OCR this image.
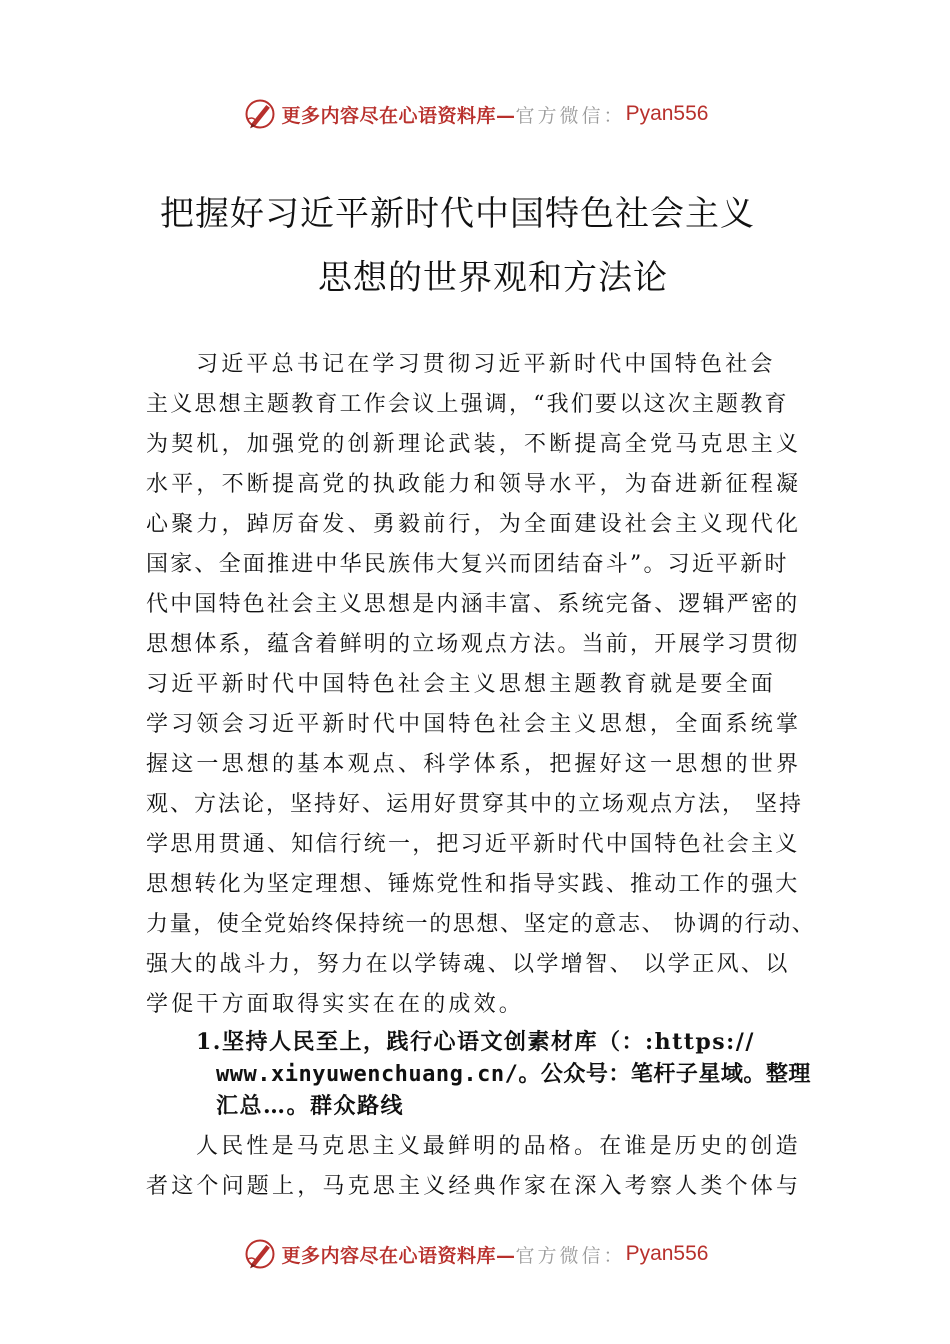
更多内容尽在心语资料库— 官方微信： Pyan556
把握好习近平新时代中国特色社会主义
思想的世界观和方法论
习近平总书记在学习贯彻习近平新时代中国特色社会
主义思想主题教育工作会议上强调，“我们要以这次主题教育
为契机，加强党的创新理论武装，不断提高全党马克思主义
水平，不断提高党的执政能力和领导水平，为奋进新征程凝
心聚力，踔厉奋发、勇毅前行，为全面建设社会主义现代化
国家、全面推进中华民族伟大复兴而团结奋斗”。习近平新时
代中国特色社会主义思想是内涵丰富、系统完备、逻辑严密的
思想体系，蕴含着鲜明的立场观点方法。当前，开展学习贯彻
习近平新时代中国特色社会主义思想主题教育就是要全面
学习领会习近平新时代中国特色社会主义思想，全面系统掌
握这一思想的基本观点、科学体系，把握好这一思想的世界
观、方法论，坚持好、运用好贯穿其中的立场观点方法， 坚持
学思用贯通、知信行统一，把习近平新时代中国特色社会主义
思想转化为坚定理想、锤炼党性和指导实践、推动工作的强大
力量，使全党始终保持统一的思想、坚定的意志、 协调的行动、
强大的战斗力，努力在以学铸魂、以学增智、 以学正风、以
学促干方面取得实实在在的成效。
1.坚持人民至上，践行心语文创素材库（：:https://
www.xinyuwenchuang.cn/。公众号：笔杆子星域。整理
汇总…。群众路线
人民性是马克思主义最鲜明的品格。在谁是历史的创造
者这个问题上，马克思主义经典作家在深入考察人类个体与
更多内容尽在心语资料库— 官方微信： Pyan556
